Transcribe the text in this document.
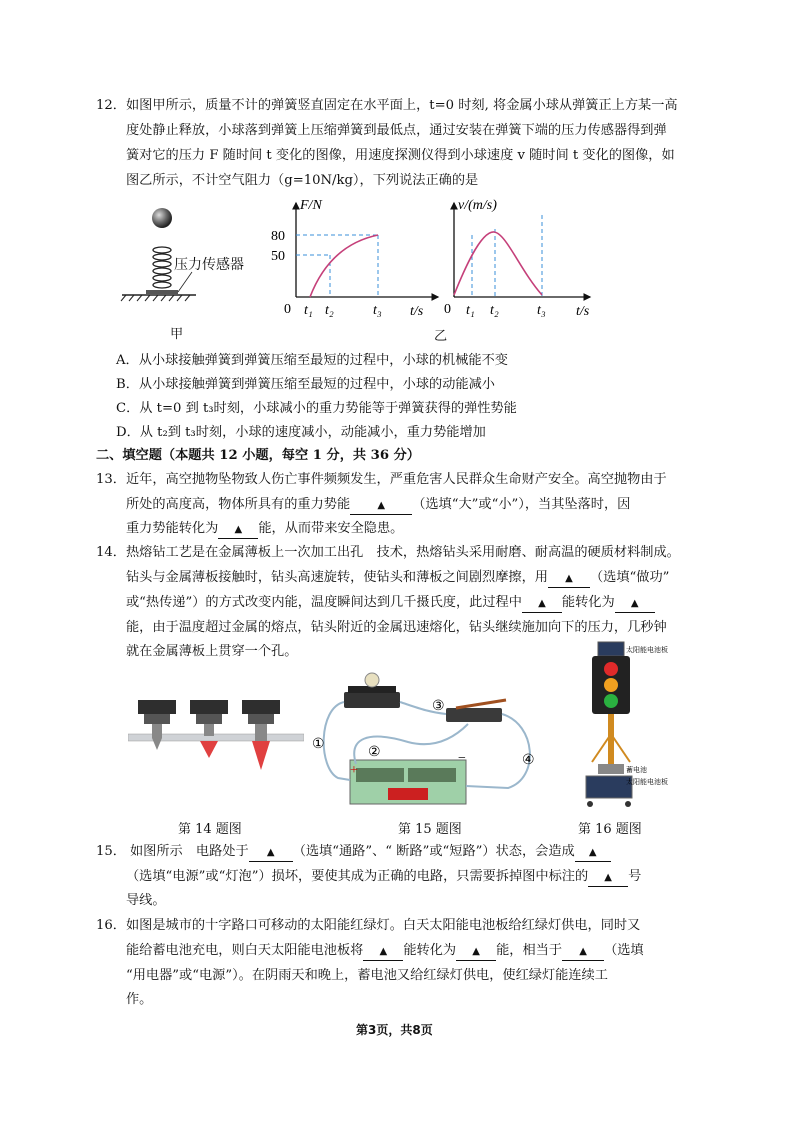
12． 如图甲所示，质量不计的弹簧竖直固定在水平面上，t=0 时刻, 将金属小球从弹簧正上方某一高
度处静止释放，小球落到弹簧上压缩弹簧到最低点，通过安装在弹簧下端的压力传感器得到弹
簧对它的压力 F 随时间 t 变化的图像，用速度探测仪得到小球速度 v 随时间 t 变化的图像，如
图乙所示，不计空气阻力（g=10N/kg），下列说法正确的是
压力传感器
甲
F/N
80
50
0 t₁ t₂	t₃ t/s
v/(m/s)
0 t₁ t₂	t₃ t/s
乙
A．从小球接触弹簧到弹簧压缩至最短的过程中，小球的机械能不变
B．从小球接触弹簧到弹簧压缩至最短的过程中，小球的动能减小
C．从 t=0 到 t₃时刻，小球减小的重力势能等于弹簧获得的弹性势能
D．从 t₂到 t₃时刻，小球的速度减小，动能减小，重力势能增加
二、填空题（本题共 12 小题，每空 1 分，共 36 分）
13． 近年，高空抛物坠物致人伤亡事件频频发生，严重危害人民群众生命财产安全。高空抛物由于
所处的高度高，物体所具有的重力势能	▲ （选填“大”或“小”），当其坠落时，因
重力势能转化为 ▲ 能，从而带来安全隐患。
14． 热熔钻工艺是在金属薄板上一次加工出孔　技术，热熔钻头采用耐磨、耐高温的硬质材料制成。
钻头与金属薄板接触时，钻头高速旋转，使钻头和薄板之间剧烈摩擦，用 ▲ （选填“做功”
或“热传递”）的方式改变内能，温度瞬间达到几千摄氏度，此过程中 ▲ 能转化为 ▲
能，由于温度超过金属的熔点，钻头附近的金属迅速熔化，钻头继续施加向下的压力，几秒钟
就在金属薄板上贯穿一个孔。
第 14 题图
①
②
③
④
+
−
第 15 题图
太阳能电池板
蓄电池
太阳能电池板
第 16 题图
15． 如图所示　电路处于 ▲ （选填“通路”、“ 断路”或“短路”）状态，会造成 ▲
（选填“电源”或“灯泡”）损坏，要使其成为正确的电路，只需要拆掉图中标注的 ▲ 号
导线。
16． 如图是城市的十字路口可移动的太阳能红绿灯。白天太阳能电池板给红绿灯供电，同时又
能给蓄电池充电，则白天太阳能电池板将 ▲ 能转化为 ▲ 能，相当于 ▲ （选填
“用电器”或“电源”）。在阴雨天和晚上，蓄电池又给红绿灯供电，使红绿灯能连续工
作。
第3页，共8页
